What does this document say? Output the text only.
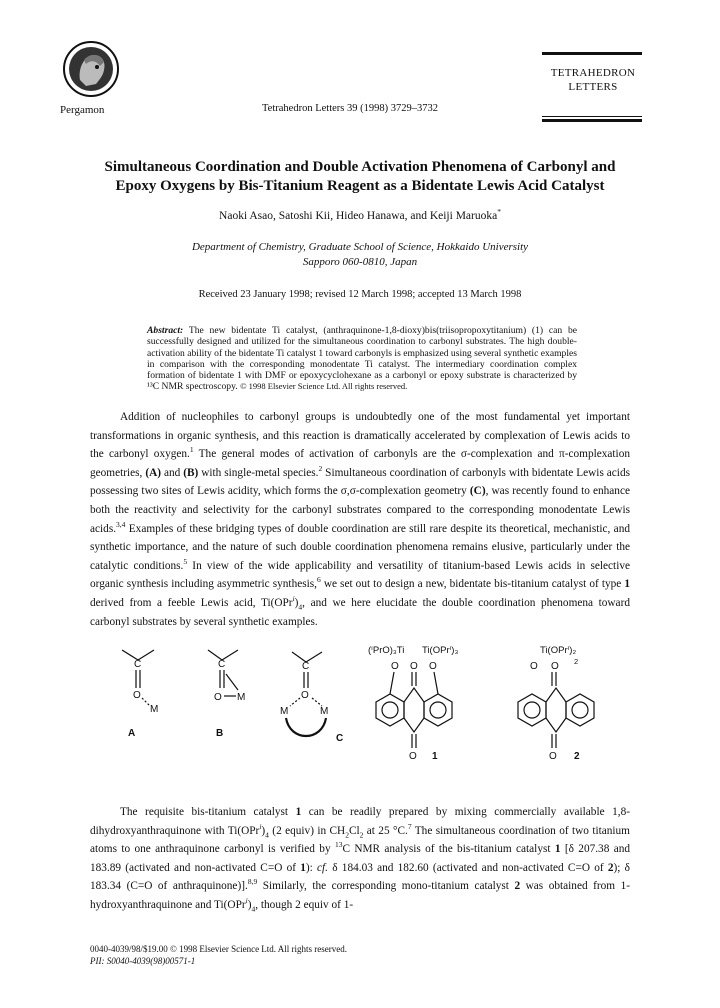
Pergamon	Tetrahedron Letters 39 (1998) 3729–3732
TETRAHEDRON
LETTERS
Simultaneous Coordination and Double Activation Phenomena of Carbonyl and
Epoxy Oxygens by Bis-Titanium Reagent as a Bidentate Lewis Acid Catalyst
Naoki Asao, Satoshi Kii, Hideo Hanawa, and Keiji Maruoka*
Department of Chemistry, Graduate School of Science, Hokkaido University
Sapporo 060-0810, Japan
Received 23 January 1998; revised 12 March 1998; accepted 13 March 1998
Abstract: The new bidentate Ti catalyst, (anthraquinone-1,8-dioxy)bis(triisopropoxytitanium) (1) can be successfully designed and utilized for the simultaneous coordination to carbonyl substrates. The high double-activation ability of the bidentate Ti catalyst 1 toward carbonyls is emphasized using several synthetic examples in comparison with the corresponding monodentate Ti catalyst. The intermediary coordination complex formation of bidentate 1 with DMF or epoxycyclohexane as a carbonyl or epoxy substrate is characterized by ¹³C NMR spectroscopy. © 1998 Elsevier Science Ltd. All rights reserved.

Addition of nucleophiles to carbonyl groups is undoubtedly one of the most fundamental yet important transformations in organic synthesis, and this reaction is dramatically accelerated by complexation of Lewis acids to the carbonyl oxygen.$^1$ The general modes of activation of carbonyls are the σ-complexation and π-complexation geometries, (A) and (B) with single-metal species.$^2$ Simultaneous coordination of carbonyls with bidentate Lewis acids possessing two sites of Lewis acidity, which forms the σ,σ-complexation geometry (C), was recently found to enhance both the reactivity and selectivity for the carbonyl substrates compared to the corresponding monodentate Lewis acids.$^{3,4}$ Examples of these bridging types of double coordination are still rare despite its theoretical, mechanistic, and synthetic importance, and the nature of such double coordination phenomena remains elusive, particularly under the catalytic conditions.$^5$ In view of the wide applicability and versatility of titanium-based Lewis acids in selective organic synthesis including asymmetric synthesis,$^6$ we set out to design a new, bidentate bis-titanium catalyst of type 1 derived from a feeble Lewis acid, $Ti(OPr^i)_4$, and we here elucidate the double coordination phenomena toward carbonyl substrates by several synthetic examples.

C
O
M
A
C
O M
B
C
O
M	M
C
(ⁱPrO)₃Ti Ti(OPrⁱ)₃
O O O
O 1
Ti(OPrⁱ)₂
2
O O
O 2

The requisite bis-titanium catalyst 1 can be readily prepared by mixing commercially available 1,8-dihydroxyanthraquinone with $Ti(OPr^i)_4$ (2 equiv) in $CH_2Cl_2$ at 25 °C.$^7$ The simultaneous coordination of two titanium atoms to one anthraquinone carbonyl is verified by $^{13}$C NMR analysis of the bis-titanium catalyst 1 [δ 207.38 and 183.89 (activated and non-activated C=O of 1): cf. δ 184.03 and 182.60 (activated and non-activated C=O of 2); δ 183.34 (C=O of anthraquinone)].$^{8,9}$ Similarly, the corresponding mono-titanium catalyst 2 was obtained from 1-hydroxyanthraquinone and $Ti(OPr^i)_4$, though 2 equiv of 1-

0040-4039/98/$19.00 © 1998 Elsevier Science Ltd. All rights reserved.
PII: S0040-4039(98)00571-1
